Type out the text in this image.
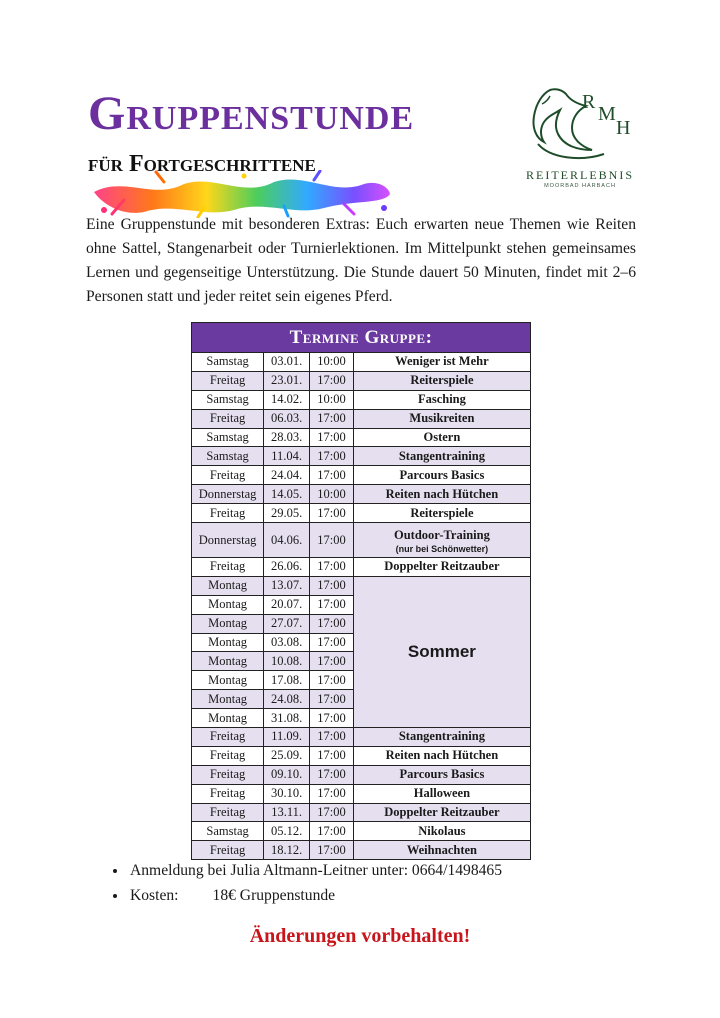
Gruppenstunde
für Fortgeschrittene
R
M
H
REITERLEBNIS
MOORBAD HARBACH
Eine Gruppenstunde mit besonderen Extras: Euch erwarten neue Themen wie Reiten ohne Sattel, Stangenarbeit oder Turnierlektionen. Im Mittelpunkt stehen gemeinsames Lernen und gegenseitige Unterstützung. Die Stunde dauert 50 Minuten, findet mit 2–6 Personen statt und jeder reitet sein eigenes Pferd.
Termine Gruppe:			
Samstag	03.01.	10:00	Weniger ist Mehr
Freitag	23.01.	17:00	Reiterspiele
Samstag	14.02.	10:00	Fasching
Freitag	06.03.	17:00	Musikreiten
Samstag	28.03.	17:00	Ostern
Samstag	11.04.	17:00	Stangentraining
Freitag	24.04.	17:00	Parcours Basics
Donnerstag	14.05.	10:00	Reiten nach Hütchen
Freitag	29.05.	17:00	Reiterspiele
Donnerstag	04.06.	17:00	Outdoor-Training
(nur bei Schönwetter)

Freitag	26.06.	17:00	Doppelter Reitzauber
Montag	13.07.	17:00	Sommer
Montag	20.07.	17:00	
Montag	27.07.	17:00	
Montag	03.08.	17:00	
Montag	10.08.	17:00	
Montag	17.08.	17:00	
Montag	24.08.	17:00	
Montag	31.08.	17:00	
Freitag	11.09.	17:00	Stangentraining
Freitag	25.09.	17:00	Reiten nach Hütchen
Freitag	09.10.	17:00	Parcours Basics
Freitag	30.10.	17:00	Halloween
Freitag	13.11.	17:00	Doppelter Reitzauber
Samstag	05.12.	17:00	Nikolaus
Freitag	18.12.	17:00	Weihnachten
• Anmeldung bei Julia Altmann-Leitner unter: 0664/1498465
• Kosten: 18€ Gruppenstunde
Änderungen vorbehalten!
